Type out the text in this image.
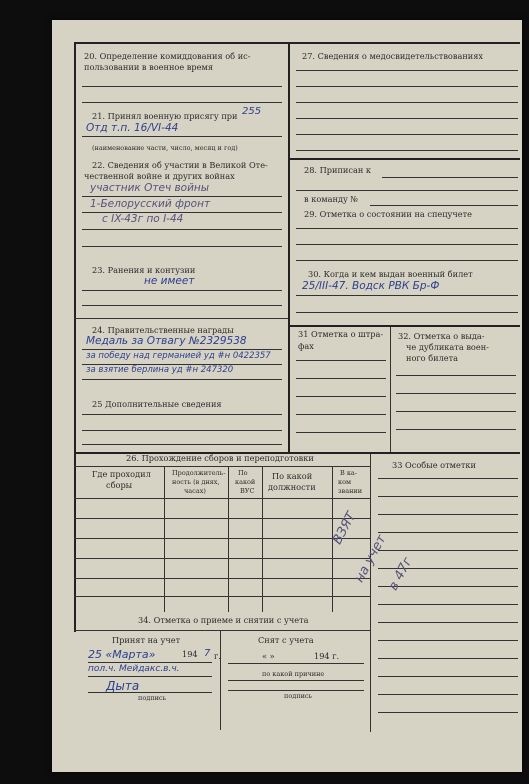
20. Определение комиддования об ис-
пользовании в военное время
21. Принял военную присягу при 255
Отд т.п. 16/VI-44
(наименование части, число, месяц и год)
22. Сведения об участии в Великой Оте-
чественной войне и других войнах
участник Отеч войны
1-Белорусский фронт
с IX-43г по I-44
23. Ранения и контузии
не имеет
24. Правительственные награды
Медаль за Отвагу №2329538
за победу над германией уд #н 0422357
за взятие берлина уд #н 247320
25 Дополнительные сведения
27. Сведения о медосвидетельствованиях
28. Приписан к
в команду №
29. Отметка о состоянии на спецучете
30. Когда и кем выдан военный билет
25/III-47. Водск РВК Бр-Ф
31 Отметка о штра-
фах
32. Отметка о выда-
че дубликата воен-
ного билета
26. Прохождение сборов и переподготовки
Где проходил
сборы
Продолжитель-
ность (в днях,
часах)
По
какой
ВУС
По какой
должности
В ка-
ком
звании
33 Особые отметки
ВЗЯТ
на учет
в 47г
34. Отметка о приеме и снятии с учета
Принят на учет
25 «Марта»	194 7 г.
пол.ч. Мейдакс.в.ч.
Дыта
подпись
Снят с учета
« »	194 г.
по какой причине
подпись
